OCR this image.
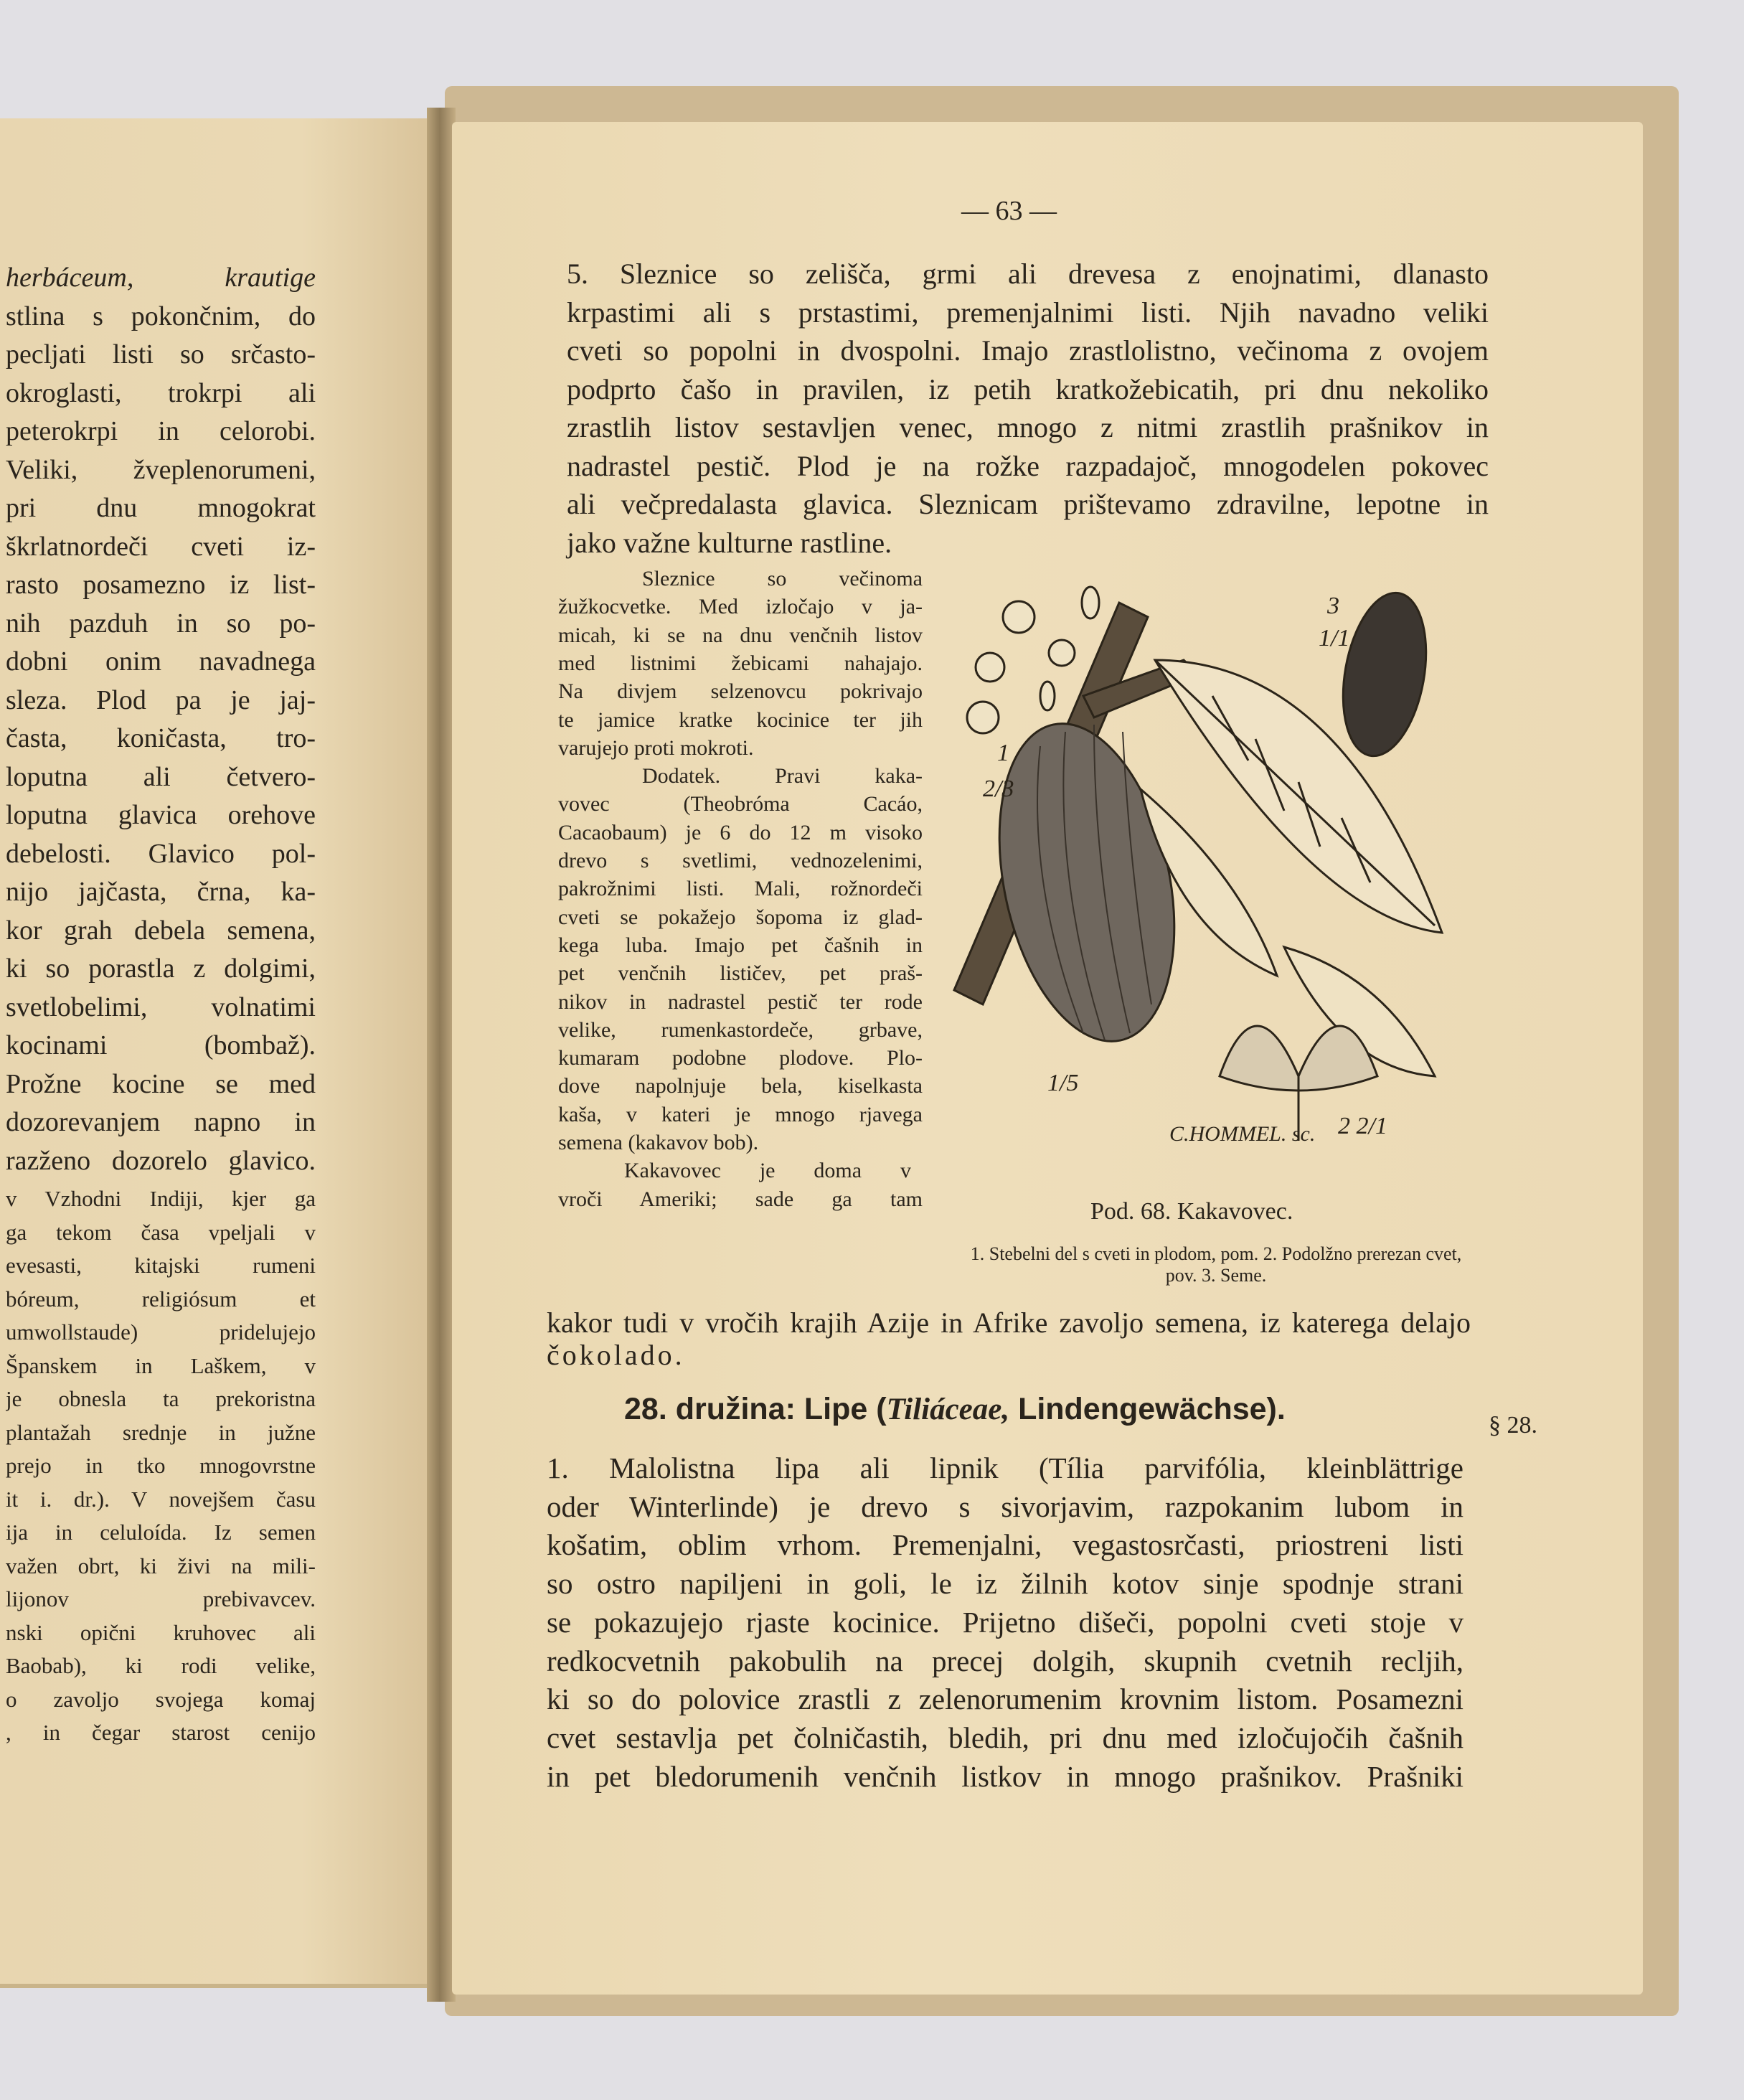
herbáceum, krautige
stlina s pokončnim, do
pecljati listi so srčasto-
okroglasti, trokrpi ali
peterokrpi in celorobi.
Veliki, žveplenorumeni,
pri dnu mnogokrat
škrlatnordeči cveti iz-
rasto posamezno iz list-
nih pazduh in so po-
dobni onim navadnega
sleza. Plod pa je jaj-
časta, koničasta, tro-
loputna ali četvero-
loputna glavica orehove
debelosti. Glavico pol-
nijo jajčasta, črna, ka-
kor grah debela semena,
ki so porastla z dolgimi,
svetlobelimi, volnatimi
kocinami (bombaž).
Prožne kocine se med
dozorevanjem napno in
razženo dozorelo glavico.
v Vzhodni Indiji, kjer ga
ga tekom časa vpeljali v
evesasti, kitajski rumeni
bóreum, religiósum et
umwollstaude) pridelujejo
Španskem in Laškem, v
je obnesla ta prekoristna
plantažah srednje in južne
prejo in tko mnogovrstne
it i. dr.). V novejšem času
ija in celuloída. Iz semen
važen obrt, ki živi na mili-
lijonov prebivavcev.
nski opični kruhovec ali
Baobab), ki rodi velike,
o zavoljo svojega komaj
, in čegar starost cenijo
— 63 —
1
2/3
3
1/1
1/5
2 2/1
C.HOMMEL. sc.
Pod. 68. Kakavovec.
1. Stebelni del s cveti in plodom, pom. 2. Podolžno prerezan cvet, pov. 3. Seme.
28. družina: Lipe (Tiliáceae, Lindengewächse).	§ 28.
5. Sleznice so zelišča, grmi ali drevesa z enojnatimi, dlanasto
krpastimi ali s prstastimi, premenjalnimi listi. Njih navadno veliki
cveti so popolni in dvospolni. Imajo zrastlolistno, večinoma z ovojem
podprto čašo in pravilen, iz petih kratkožebicatih, pri dnu nekoliko
zrastlih listov sestavljen venec, mnogo z nitmi zrastlih prašnikov in
nadrastel pestič. Plod je na rožke razpadajoč, mnogodelen pokovec
ali večpredalasta glavica. Sleznicam prištevamo zdravilne, lepotne in
jako važne kulturne rastline.
Sleznice so večinoma
žužkocvetke. Med izločajo v ja-
micah, ki se na dnu venčnih listov
med listnimi žebicami nahajajo.
Na divjem selzenovcu pokrivajo
te jamice kratke kocinice ter jih
varujejo proti mokroti.
Dodatek. Pravi kaka-
vovec (Theobróma Cacáo,
Cacaobaum) je 6 do 12 m visoko
drevo s svetlimi, vednozelenimi,
pakrožnimi listi. Mali, rožnordeči
cveti se pokažejo šopoma iz glad-
kega luba. Imajo pet čašnih in
pet venčnih lističev, pet praš-
nikov in nadrastel pestič ter rode
velike, rumenkastordeče, grbave,
kumaram podobne plodove. Plo-
dove napolnjuje bela, kiselkasta
kaša, v kateri je mnogo rjavega
semena (kakavov bob).
Kakavovec je doma v
vroči Ameriki; sade ga tam
kakor tudi v vročih krajih Azije in Afrike zavoljo semena, iz katerega delajo
čokolado.
1. Malolistna lipa ali lipnik (Tília parvifólia, kleinblättrige
oder Winterlinde) je drevo s sivorjavim, razpokanim lubom in
košatim, oblim vrhom. Premenjalni, vegastosrčasti, priostreni listi
so ostro napiljeni in goli, le iz žilnih kotov sinje spodnje strani
se pokazujejo rjaste kocinice. Prijetno dišeči, popolni cveti stoje v
redkocvetnih pakobulih na precej dolgih, skupnih cvetnih recljih,
ki so do polovice zrastli z zelenorumenim krovnim listom. Posamezni
cvet sestavlja pet čolničastih, bledih, pri dnu med izločujočih čašnih
in pet bledorumenih venčnih listkov in mnogo prašnikov. Prašniki
